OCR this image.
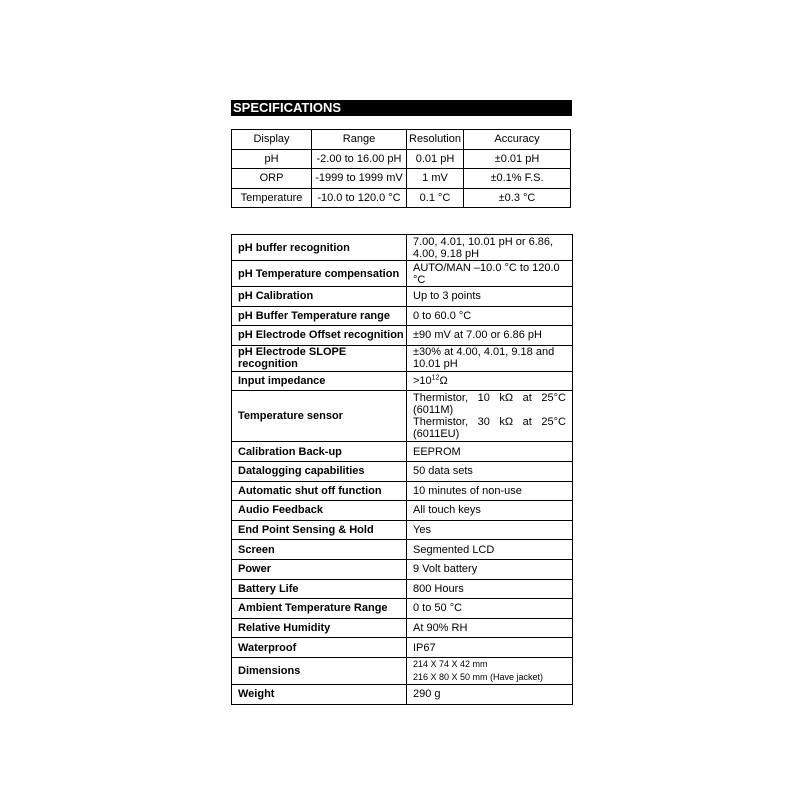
SPECIFICATIONS
Display	Range	Resolution	Accuracy
pH	-2.00 to 16.00 pH	0.01 pH	±0.01 pH
ORP	-1999 to 1999 mV	1 mV	±0.1% F.S.
Temperature	-10.0 to 120.0 °C	0.1 °C	±0.3 °C
pH buffer recognition	7.00, 4.01, 10.01 pH or 6.86, 4.00, 9.18 pH
pH Temperature compensation	AUTO/MAN –10.0 °C to 120.0 °C
pH Calibration	Up to 3 points
pH Buffer Temperature range	0 to 60.0 °C
pH Electrode Offset recognition	±90 mV at 7.00 or 6.86 pH
pH Electrode SLOPE recognition	±30% at 4.00, 4.01, 9.18 and 10.01 pH
Input impedance	$>10^{12}\Omega$
Temperature sensor	Thermistor, 10 kΩ at 25°C
(6011M)
Thermistor, 30 kΩ at 25°C
(6011EU)

Calibration Back-up	EEPROM
Datalogging capabilities	50 data sets
Automatic shut off function	10 minutes of non-use
Audio Feedback	All touch keys
End Point Sensing & Hold	Yes
Screen	Segmented LCD
Power	9 Volt battery
Battery Life	800 Hours
Ambient Temperature Range	0 to 50 °C
Relative Humidity	At 90% RH
Waterproof	IP67
Dimensions	214 X 74 X 42 mm
216 X 80 X 50 mm (Have jacket)

Weight	290 g
